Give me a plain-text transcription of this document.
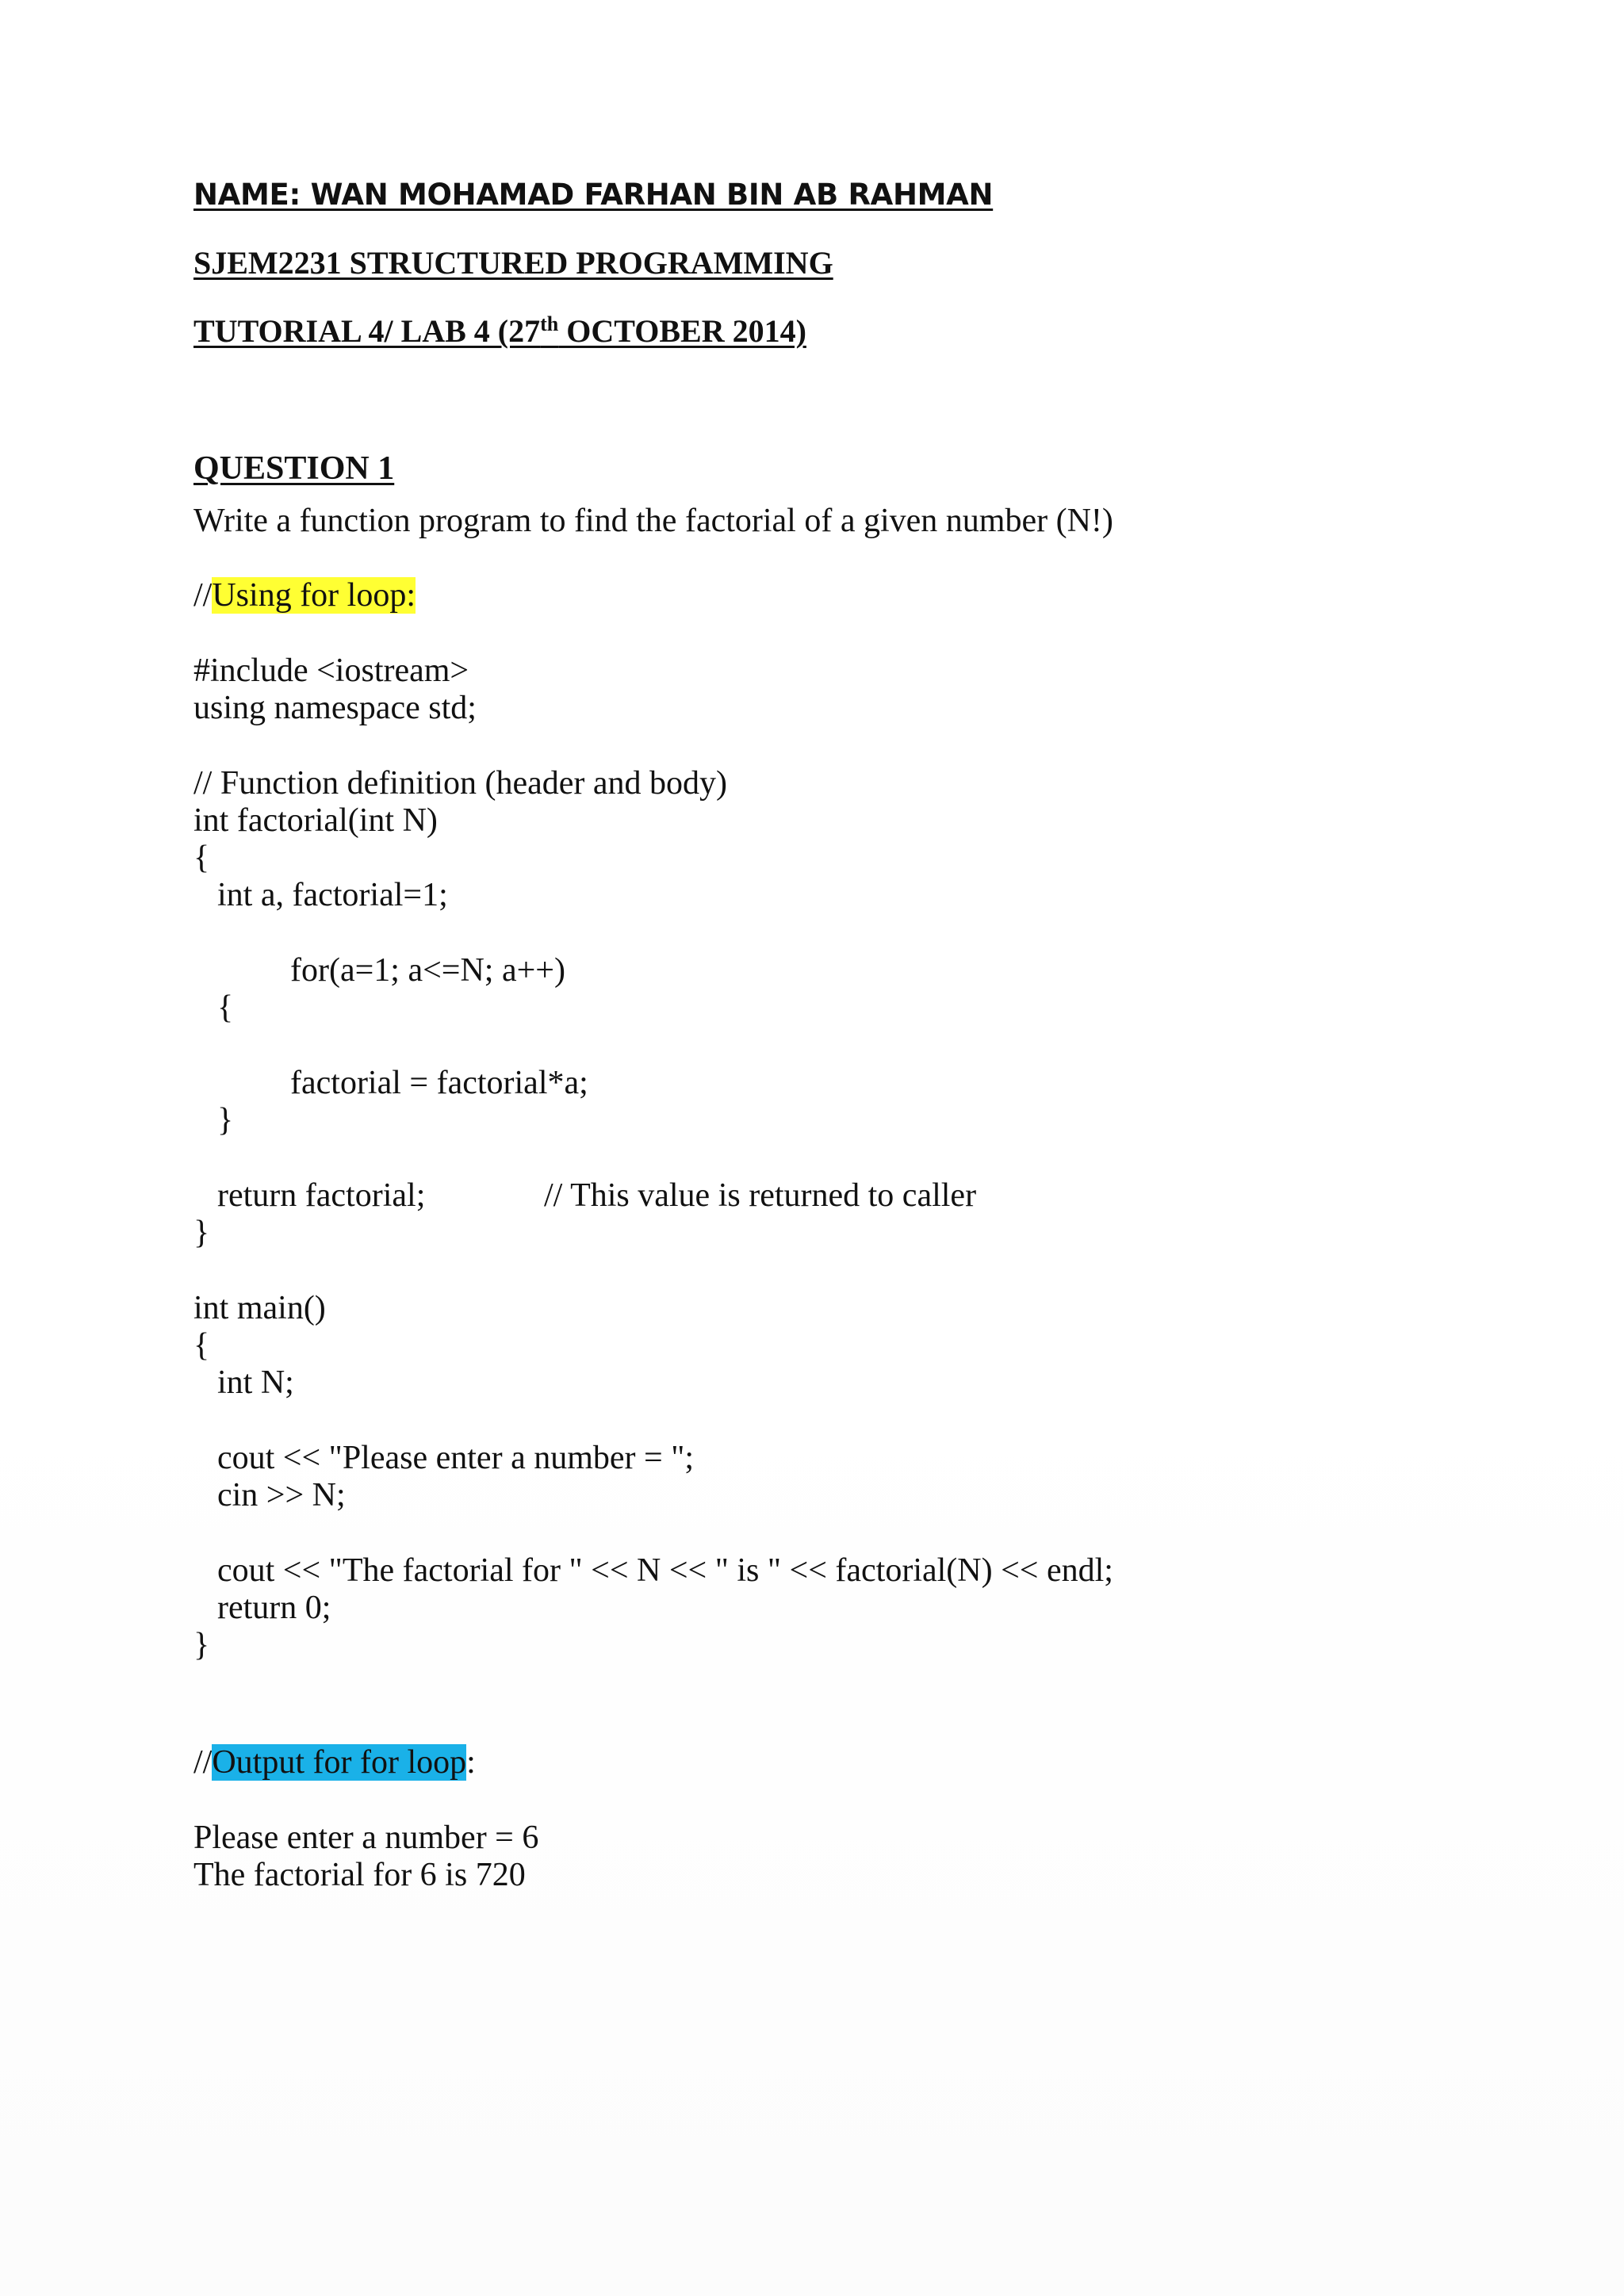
NAME: WAN MOHAMAD FARHAN BIN AB RAHMAN
SJEM2231 STRUCTURED PROGRAMMING
TUTORIAL 4/ LAB 4 (27th OCTOBER 2014)
QUESTION 1
Write a function program to find the factorial of a given number (N!)
//Using for loop:
#include <iostream>
using namespace std;
// Function definition (header and body)
int factorial(int N)
{
int a, factorial=1;
for(a=1; a<=N; a++)
{
factorial = factorial*a;
}
return factorial;	// This value is returned to caller
}
int main()
{
int N;
cout << "Please enter a number = ";
cin >> N;
cout << "The factorial for " << N << " is " << factorial(N) << endl;
return 0;
}
//Output for for loop:
Please enter a number = 6
The factorial for 6 is 720
